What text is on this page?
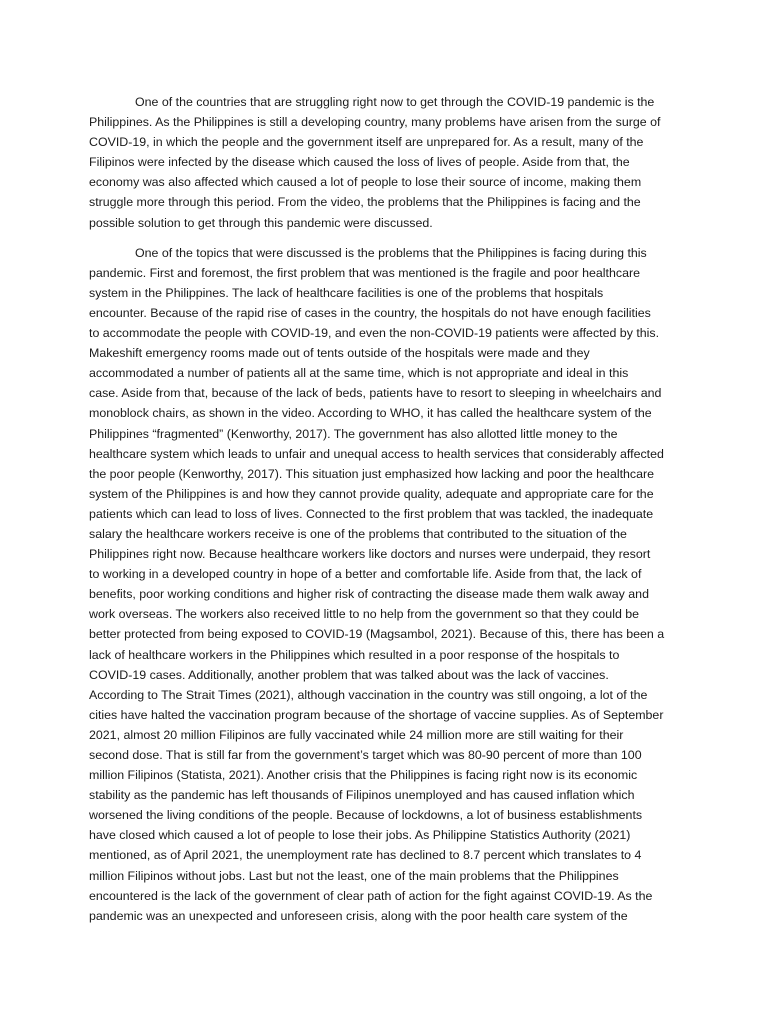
One of the countries that are struggling right now to get through the COVID-19 pandemic is the
Philippines. As the Philippines is still a developing country, many problems have arisen from the surge of
COVID-19, in which the people and the government itself are unprepared for. As a result, many of the
Filipinos were infected by the disease which caused the loss of lives of people. Aside from that, the
economy was also affected which caused a lot of people to lose their source of income, making them
struggle more through this period. From the video, the problems that the Philippines is facing and the
possible solution to get through this pandemic were discussed.

One of the topics that were discussed is the problems that the Philippines is facing during this
pandemic. First and foremost, the first problem that was mentioned is the fragile and poor healthcare
system in the Philippines. The lack of healthcare facilities is one of the problems that hospitals
encounter. Because of the rapid rise of cases in the country, the hospitals do not have enough facilities
to accommodate the people with COVID-19, and even the non-COVID-19 patients were affected by this.
Makeshift emergency rooms made out of tents outside of the hospitals were made and they
accommodated a number of patients all at the same time, which is not appropriate and ideal in this
case. Aside from that, because of the lack of beds, patients have to resort to sleeping in wheelchairs and
monoblock chairs, as shown in the video. According to WHO, it has called the healthcare system of the
Philippines “fragmented” (Kenworthy, 2017). The government has also allotted little money to the
healthcare system which leads to unfair and unequal access to health services that considerably affected
the poor people (Kenworthy, 2017). This situation just emphasized how lacking and poor the healthcare
system of the Philippines is and how they cannot provide quality, adequate and appropriate care for the
patients which can lead to loss of lives. Connected to the first problem that was tackled, the inadequate
salary the healthcare workers receive is one of the problems that contributed to the situation of the
Philippines right now. Because healthcare workers like doctors and nurses were underpaid, they resort
to working in a developed country in hope of a better and comfortable life. Aside from that, the lack of
benefits, poor working conditions and higher risk of contracting the disease made them walk away and
work overseas. The workers also received little to no help from the government so that they could be
better protected from being exposed to COVID-19 (Magsambol, 2021). Because of this, there has been a
lack of healthcare workers in the Philippines which resulted in a poor response of the hospitals to
COVID-19 cases. Additionally, another problem that was talked about was the lack of vaccines.
According to The Strait Times (2021), although vaccination in the country was still ongoing, a lot of the
cities have halted the vaccination program because of the shortage of vaccine supplies. As of September
2021, almost 20 million Filipinos are fully vaccinated while 24 million more are still waiting for their
second dose. That is still far from the government’s target which was 80-90 percent of more than 100
million Filipinos (Statista, 2021). Another crisis that the Philippines is facing right now is its economic
stability as the pandemic has left thousands of Filipinos unemployed and has caused inflation which
worsened the living conditions of the people. Because of lockdowns, a lot of business establishments
have closed which caused a lot of people to lose their jobs. As Philippine Statistics Authority (2021)
mentioned, as of April 2021, the unemployment rate has declined to 8.7 percent which translates to 4
million Filipinos without jobs. Last but not the least, one of the main problems that the Philippines
encountered is the lack of the government of clear path of action for the fight against COVID-19. As the
pandemic was an unexpected and unforeseen crisis, along with the poor health care system of the
